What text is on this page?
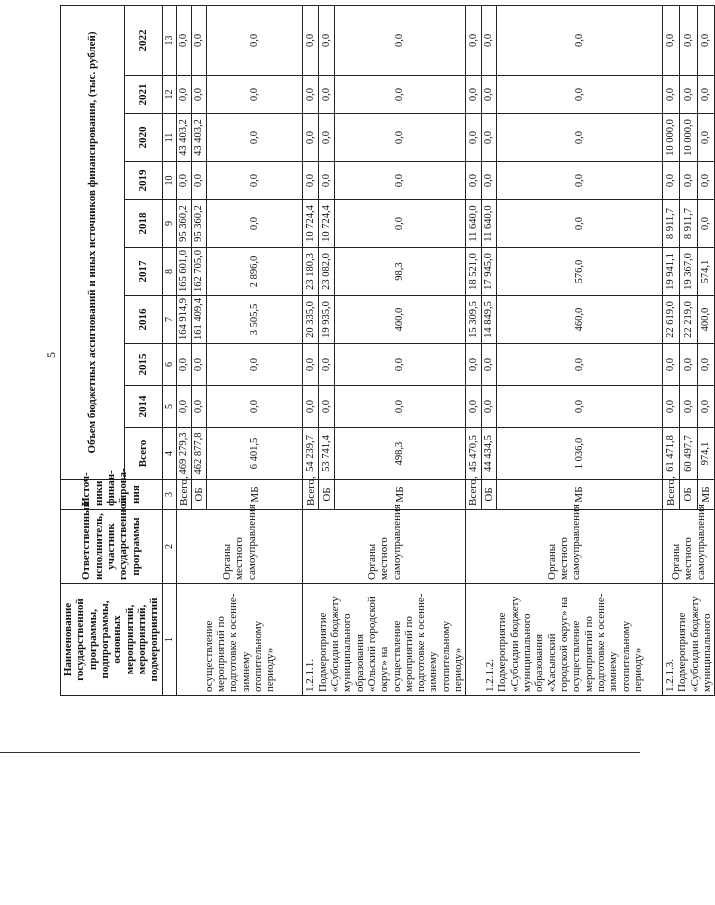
5
Наименование государственной программы, подпрограммы, основных мероприятий, мероприятий, подмероприятий	Ответственный исполнитель, участник государственной программы	Источ-ники финан-сирова-ния	Объем бюджетных ассигнований и иных источников финансирования, (тыс. рублей)									
			Всего	2014	2015	2016	2017	2018	2019	2020	2021	2022
1	2	3	4	5	6	7	8	9	10	11	12	13
осуществление мероприятий по подготовке к осенне-зимнему отопительному периоду»	Органы местного самоуправления	Всего,	469 279,3	0,0	0,0	164 914,9	165 601,0	95 360,2	0,0	43 403,2	0,0	0,0
		ОБ	462 877,8	0,0	0,0	161 409,4	162 705,0	95 360,2	0,0	43 403,2	0,0	0,0
		МБ	6 401,5	0,0	0,0	3 505,5	2 896,0	0,0	0,0	0,0	0,0	0,0
1.2.1.1. Подмероприятие «Субсидии бюджету муниципального образования «Ольский городской округ» на осуществление мероприятий по подготовке к осенне-зимнему отопительному периоду»	Органы местного самоуправления	Всего,	54 239,7	0,0	0,0	20 335,0	23 180,3	10 724,4	0,0	0,0	0,0	0,0
		ОБ	53 741,4	0,0	0,0	19 935,0	23 082,0	10 724,4	0,0	0,0	0,0	0,0
		МБ	498,3	0,0	0,0	400,0	98,3	0,0	0,0	0,0	0,0	0,0
1.2.1.2. Подмероприятие «Субсидии бюджету муниципального образования «Хасынский городской округ» на осуществление мероприятий по подготовке к осенне-зимнему отопительному периоду»	Органы местного самоуправления	Всего,	45 470,5	0,0	0,0	15 309,5	18 521,0	11 640,0	0,0	0,0	0,0	0,0
		ОБ	44 434,5	0,0	0,0	14 849,5	17 945,0	11 640,0	0,0	0,0	0,0	0,0
		МБ	1 036,0	0,0	0,0	460,0	576,0	0,0	0,0	0,0	0,0	0,0
1.2.1.3. Подмероприятие «Субсидии бюджету муниципального	Органы местного самоуправления	Всего,	61 471,8	0,0	0,0	22 619,0	19 941,1	8 911,7	0,0	10 000,0	0,0	0,0
		ОБ	60 497,7	0,0	0,0	22 219,0	19 367,0	8 911,7	0,0	10 000,0	0,0	0,0
		МБ	974,1	0,0	0,0	400,0	574,1	0,0	0,0	0,0	0,0	0,0
